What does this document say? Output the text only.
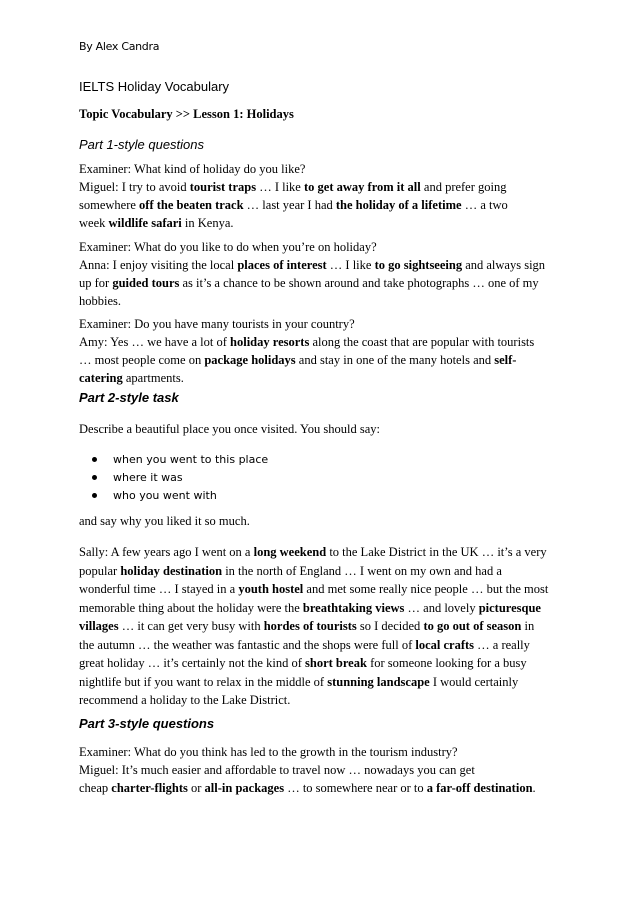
By Alex Candra
IELTS Holiday Vocabulary
Topic Vocabulary >> Lesson 1: Holidays
Part 1-style questions
Examiner: What kind of holiday do you like?
Miguel: I try to avoid tourist traps … I like to get away from it all and prefer going
somewhere off the beaten track … last year I had the holiday of a lifetime … a two
week wildlife safari in Kenya.
Examiner: What do you like to do when you’re on holiday?
Anna: I enjoy visiting the local places of interest … I like to go sightseeing and always sign
up for guided tours as it’s a chance to be shown around and take photographs … one of my
hobbies.
Examiner: Do you have many tourists in your country?
Amy: Yes … we have a lot of holiday resorts along the coast that are popular with tourists
… most people come on package holidays and stay in one of the many hotels and self-
catering apartments.
Part 2-style task
Describe a beautiful place you once visited. You should say:
when you went to this place
where it was
who you went with
and say why you liked it so much.
Sally: A few years ago I went on a long weekend to the Lake District in the UK … it’s a very
popular holiday destination in the north of England … I went on my own and had a
wonderful time … I stayed in a youth hostel and met some really nice people … but the most
memorable thing about the holiday were the breathtaking views … and lovely picturesque
villages … it can get very busy with hordes of tourists so I decided to go out of season in
the autumn … the weather was fantastic and the shops were full of local crafts … a really
great holiday … it’s certainly not the kind of short break for someone looking for a busy
nightlife but if you want to relax in the middle of stunning landscape I would certainly
recommend a holiday to the Lake District.
Part 3-style questions
Examiner: What do you think has led to the growth in the tourism industry?
Miguel: It’s much easier and affordable to travel now … nowadays you can get
cheap charter-flights or all-in packages … to somewhere near or to a far-off destination.
